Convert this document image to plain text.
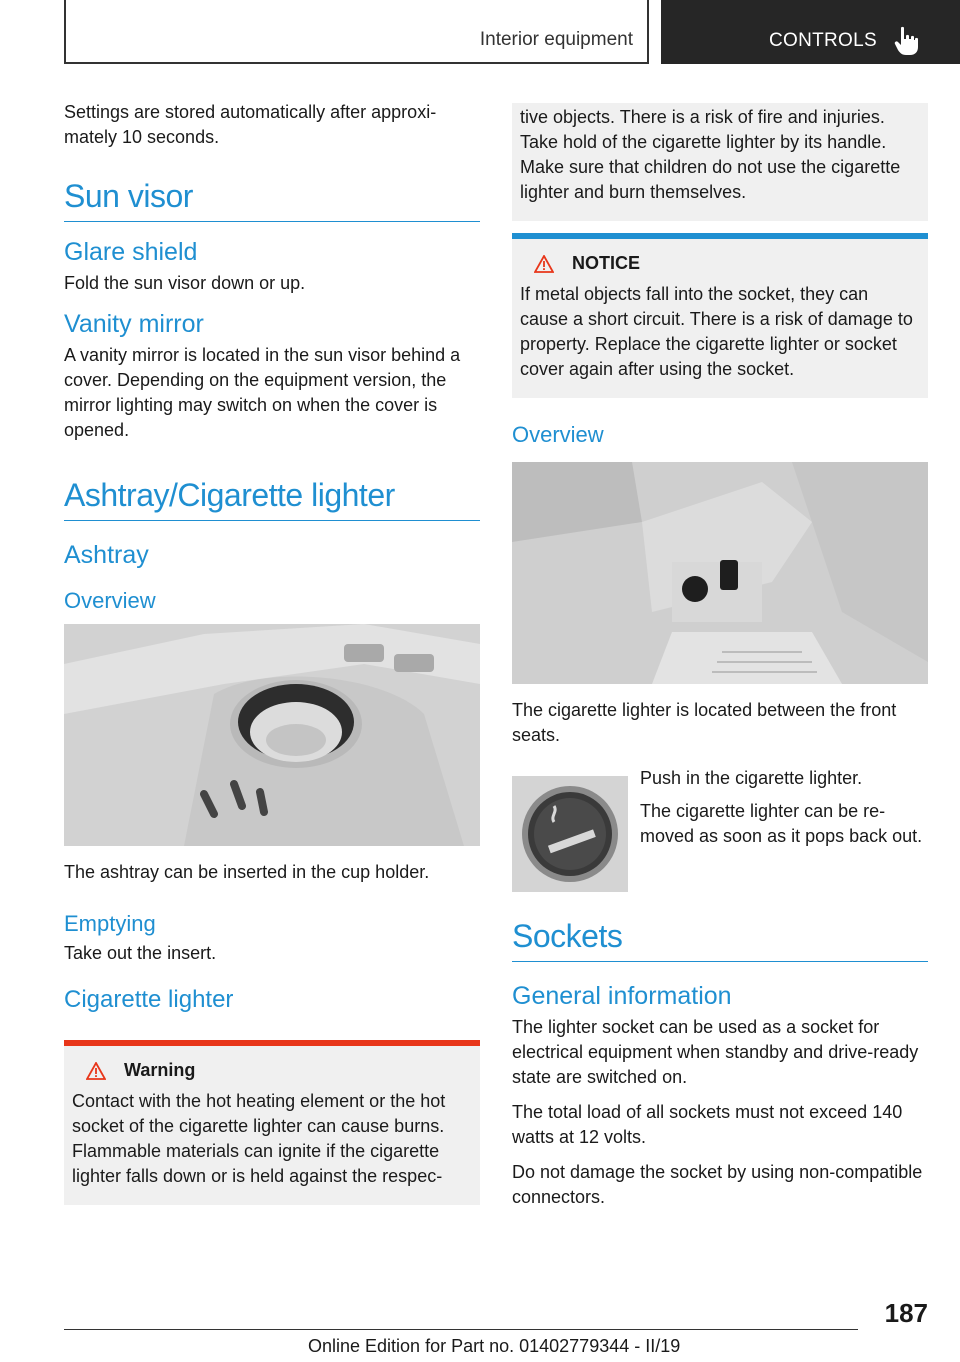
Interior equipment	CONTROLS

Settings are stored automatically after approximately 10 seconds.

Sun visor
Glare shield

Fold the sun visor down or up.

Vanity mirror

A vanity mirror is located in the sun visor behind a cover. Depending on the equipment version, the mirror lighting may switch on when the cover is opened.

Ashtray/Cigarette lighter
Ashtray
Overview

The ashtray can be inserted in the cup holder.

Emptying

Take out the insert.

Cigarette lighter
Warning

Contact with the hot heating element or the hot socket of the cigarette lighter can cause burns. Flammable materials can ignite if the cigarette lighter falls down or is held against the respec-

tive objects. There is a risk of fire and injuries. Take hold of the cigarette lighter by its handle. Make sure that children do not use the cigarette lighter and burn themselves.

NOTICE

If metal objects fall into the socket, they can cause a short circuit. There is a risk of damage to property. Replace the cigarette lighter or socket cover again after using the socket.

Overview

The cigarette lighter is located between the front seats.

Push in the cigarette lighter.

The cigarette lighter can be removed as soon as it pops back out.

Sockets
General information

The lighter socket can be used as a socket for electrical equipment when standby and drive-ready state are switched on.

The total load of all sockets must not exceed 140 watts at 12 volts.

Do not damage the socket by using non-compatible connectors.

187
Online Edition for Part no. 01402779344 - II/19
